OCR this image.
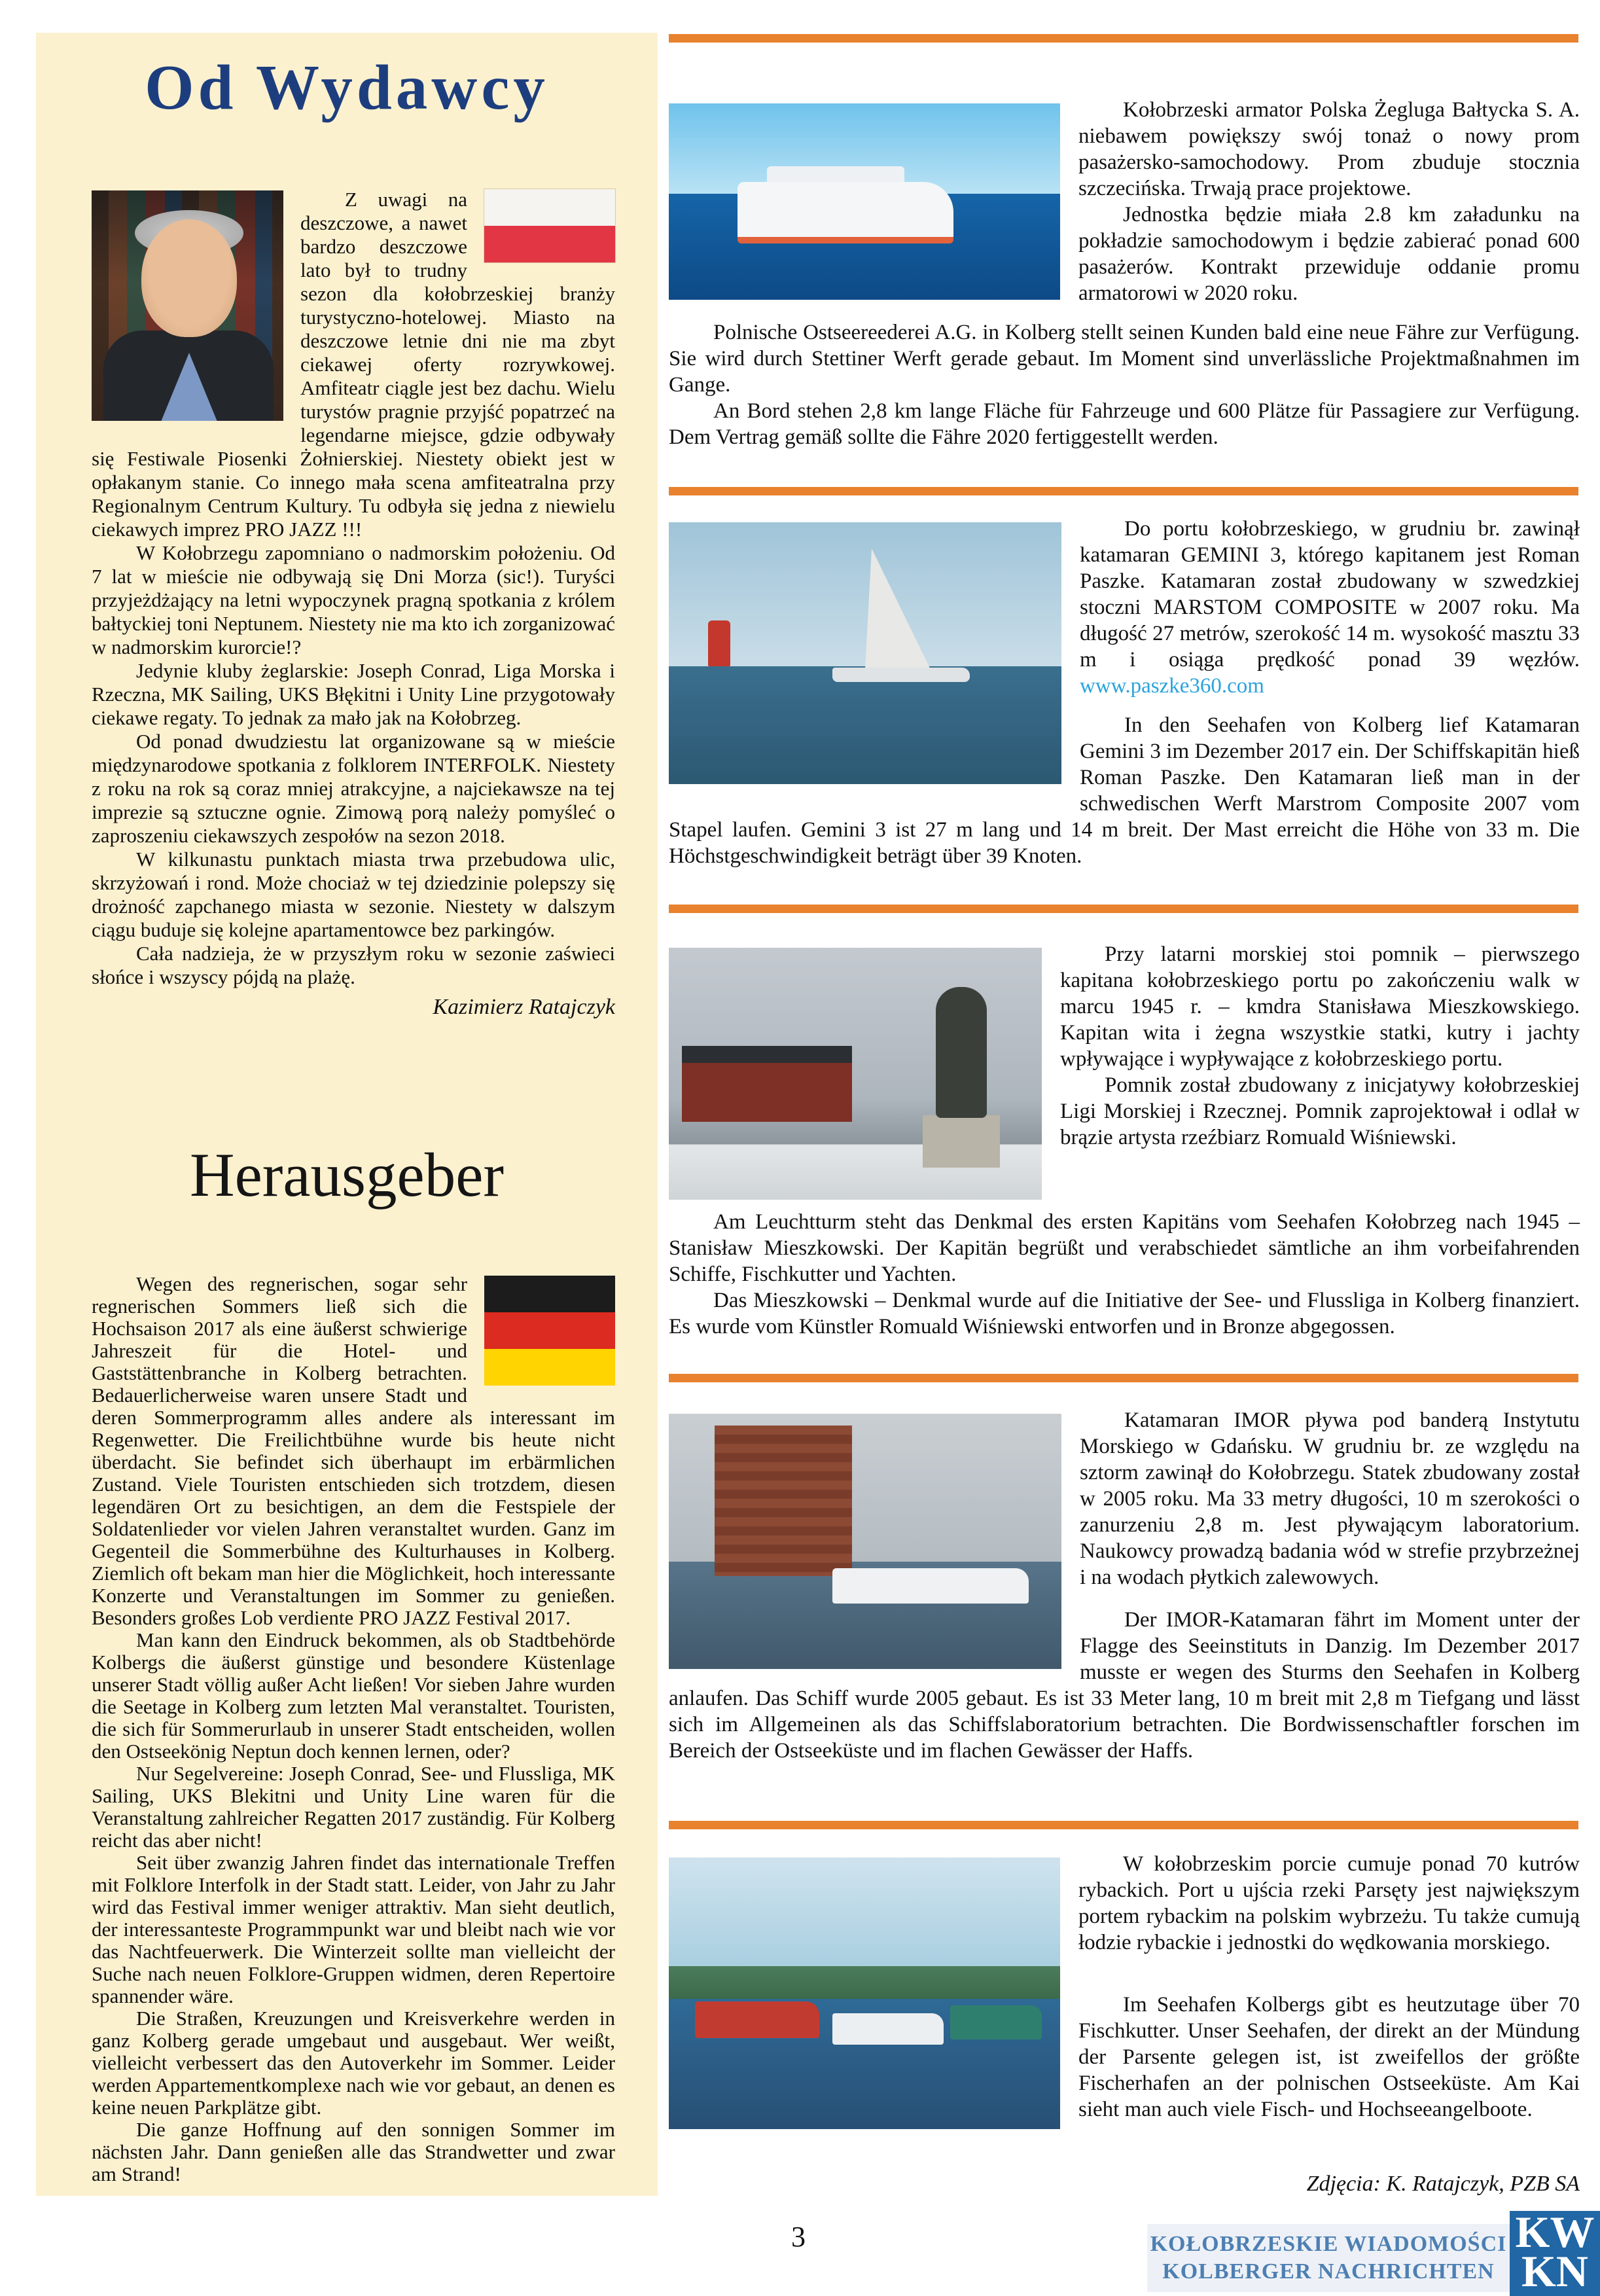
Od Wydawcy

Z uwagi na deszczowe, a nawet bardzo deszczowe lato był to trudny sezon dla kołobrzeskiej branży turystyczno-hotelowej. Miasto na deszczowe letnie dni nie ma zbyt ciekawej oferty rozrywkowej. Amfiteatr ciągle jest bez dachu. Wielu turystów pragnie przyjść popatrzeć na legendarne miejsce, gdzie odbywały się Festiwale Piosenki Żołnierskiej. Niestety obiekt jest w opłakanym stanie. Co innego mała scena amfiteatralna przy Regionalnym Centrum Kultury. Tu odbyła się jedna z niewielu ciekawych imprez PRO JAZZ !!!

W Kołobrzegu zapomniano o nadmorskim położeniu. Od 7 lat w mieście nie odbywają się Dni Morza (sic!). Turyści przyjeżdżający na letni wypoczynek pragną spotkania z królem bałtyckiej toni Neptunem. Niestety nie ma kto ich zorganizować w nadmorskim kurorcie!?

Jedynie kluby żeglarskie: Joseph Conrad, Liga Morska i Rzeczna, MK Sailing, UKS Błękitni i Unity Line przygotowały ciekawe regaty. To jednak za mało jak na Kołobrzeg.

Od ponad dwudziestu lat organizowane są w mieście międzynarodowe spotkania z folklorem INTERFOLK. Niestety z roku na rok są coraz mniej atrakcyjne, a najciekawsze na tej imprezie są sztuczne ognie. Zimową porą należy pomyśleć o zaproszeniu ciekawszych zespołów na sezon 2018.

W kilkunastu punktach miasta trwa przebudowa ulic, skrzyżowań i rond. Może chociaż w tej dziedzinie polepszy się drożność zapchanego miasta w sezonie. Niestety w dalszym ciągu buduje się kolejne apartamentowce bez parkingów.

Cała nadzieja, że w przyszłym roku w sezonie zaświeci słońce i wszyscy pójdą na plażę.

Kazimierz Ratajczyk

Herausgeber

Wegen des regnerischen, sogar sehr regnerischen Sommers ließ sich die Hochsaison 2017 als eine äußerst schwierige Jahreszeit für die Hotel- und Gaststättenbranche in Kolberg betrachten. Bedauerlicherweise waren unsere Stadt und deren Sommerprogramm alles andere als interessant im Regenwetter. Die Freilichtbühne wurde bis heute nicht überdacht. Sie befindet sich überhaupt im erbärmlichen Zustand. Viele Touristen entschieden sich trotzdem, diesen legendären Ort zu besichtigen, an dem die Festspiele der Soldatenlieder vor vielen Jahren veranstaltet wurden. Ganz im Gegenteil die Sommerbühne des Kulturhauses in Kolberg. Ziemlich oft bekam man hier die Möglichkeit, hoch interessante Konzerte und Veranstaltungen im Sommer zu genießen. Besonders großes Lob verdiente PRO JAZZ Festival 2017.

Man kann den Eindruck bekommen, als ob Stadtbehörde Kolbergs die äußerst günstige und besondere Küstenlage unserer Stadt völlig außer Acht ließen! Vor sieben Jahre wurden die Seetage in Kolberg zum letzten Mal veranstaltet. Touristen, die sich für Sommerurlaub in unserer Stadt entscheiden, wollen den Ostseekönig Neptun doch kennen lernen, oder?

Nur Segelvereine: Joseph Conrad, See- und Flussliga, MK Sailing, UKS Blekitni und Unity Line waren für die Veranstaltung zahlreicher Regatten 2017 zuständig. Für Kolberg reicht das aber nicht!

Seit über zwanzig Jahren findet das internationale Treffen mit Folklore Interfolk in der Stadt statt. Leider, von Jahr zu Jahr wird das Festival immer weniger attraktiv. Man sieht deutlich, der interessanteste Programmpunkt war und bleibt nach wie vor das Nachtfeuerwerk. Die Winterzeit sollte man vielleicht der Suche nach neuen Folklore-Gruppen widmen, deren Repertoire spannender wäre.

Die Straßen, Kreuzungen und Kreisverkehre werden in ganz Kolberg gerade umgebaut und ausgebaut. Wer weißt, vielleicht verbessert das den Autoverkehr im Sommer. Leider werden Appartementkomplexe nach wie vor gebaut, an denen es keine neuen Parkplätze gibt.

Die ganze Hoffnung auf den sonnigen Sommer im nächsten Jahr. Dann genießen alle das Strandwetter und zwar am Strand!

Kołobrzeski armator Polska Żegluga Bałtycka S. A. niebawem powiększy swój tonaż o nowy prom pasażersko-samochodowy. Prom zbuduje stocznia szczecińska. Trwają prace projektowe.

Jednostka będzie miała 2.8 km załadunku na pokładzie samochodowym i będzie zabierać ponad 600 pasażerów. Kontrakt przewiduje oddanie promu armatorowi w 2020 roku.

Polnische Ostseereederei A.G. in Kolberg stellt seinen Kunden bald eine neue Fähre zur Verfügung. Sie wird durch Stettiner Werft gerade gebaut. Im Moment sind unverlässliche Projektmaßnahmen im Gange.

An Bord stehen 2,8 km lange Fläche für Fahrzeuge und 600 Plätze für Passagiere zur Verfügung. Dem Vertrag gemäß sollte die Fähre 2020 fertiggestellt werden.

Do portu kołobrzeskiego, w grudniu br. zawinął katamaran GEMINI 3, którego kapitanem jest Roman Paszke. Katamaran został zbudowany w szwedzkiej stoczni MARSTOM COMPOSITE w 2007 roku. Ma długość 27 metrów, szerokość 14 m. wysokość masztu 33 m i osiąga prędkość ponad 39 węzłów. www.paszke360.com

In den Seehafen von Kolberg lief Katamaran Gemini 3 im Dezember 2017 ein. Der Schiffskapitän hieß Roman Paszke. Den Katamaran ließ man in der schwedischen Werft Marstrom Composite 2007 vom Stapel laufen. Gemini 3 ist 27 m lang und 14 m breit. Der Mast erreicht die Höhe von 33 m. Die Höchstgeschwindigkeit beträgt über 39 Knoten.

Przy latarni morskiej stoi pomnik – pierwszego kapitana kołobrzeskiego portu po zakończeniu walk w marcu 1945 r. – kmdra Stanisława Mieszkowskiego. Kapitan wita i żegna wszystkie statki, kutry i jachty wpływające i wypływające z kołobrzeskiego portu.

Pomnik został zbudowany z inicjatywy kołobrzeskiej Ligi Morskiej i Rzecznej. Pomnik zaprojektował i odlał w brązie artysta rzeźbiarz Romuald Wiśniewski.

Am Leuchtturm steht das Denkmal des ersten Kapitäns vom Seehafen Kołobrzeg nach 1945 – Stanisław Mieszkowski. Der Kapitän begrüßt und verabschiedet sämtliche an ihm vorbeifahrenden Schiffe, Fischkutter und Yachten.

Das Mieszkowski – Denkmal wurde auf die Initiative der See- und Flussliga in Kolberg finanziert. Es wurde vom Künstler Romuald Wiśniewski entworfen und in Bronze abgegossen.

Katamaran IMOR pływa pod banderą Instytutu Morskiego w Gdańsku. W grudniu br. ze względu na sztorm zawinął do Kołobrzegu. Statek zbudowany został w 2005 roku. Ma 33 metry długości, 10 m szerokości o zanurzeniu 2,8 m. Jest pływającym laboratorium. Naukowcy prowadzą badania wód w strefie przybrzeżnej i na wodach płytkich zalewowych.

Der IMOR-Katamaran fährt im Moment unter der Flagge des Seeinstituts in Danzig. Im Dezember 2017 musste er wegen des Sturms den Seehafen in Kolberg anlaufen. Das Schiff wurde 2005 gebaut. Es ist 33 Meter lang, 10 m breit mit 2,8 m Tiefgang und lässt sich im Allgemeinen als das Schiffslaboratorium betrachten. Die Bordwissenschaftler forschen im Bereich der Ostseeküste und im flachen Gewässer der Haffs.

W kołobrzeskim porcie cumuje ponad 70 kutrów rybackich. Port u ujścia rzeki Parsęty jest największym portem rybackim na polskim wybrzeżu. Tu także cumują łodzie rybackie i jednostki do wędkowania morskiego.

Im Seehafen Kolbergs gibt es heutzutage über 70 Fischkutter. Unser Seehafen, der direkt an der Mündung der Parsente gelegen ist, ist zweifellos der größte Fischerhafen an der polnischen Ostseeküste. Am Kai sieht man auch viele Fisch- und Hochseeangelboote.

Zdjęcia: K. Ratajczyk, PZB SA

3	KOŁOBRZESKIE WIADOMOŚCI
KOLBERGER NACHRICHTEN
KW
KN
